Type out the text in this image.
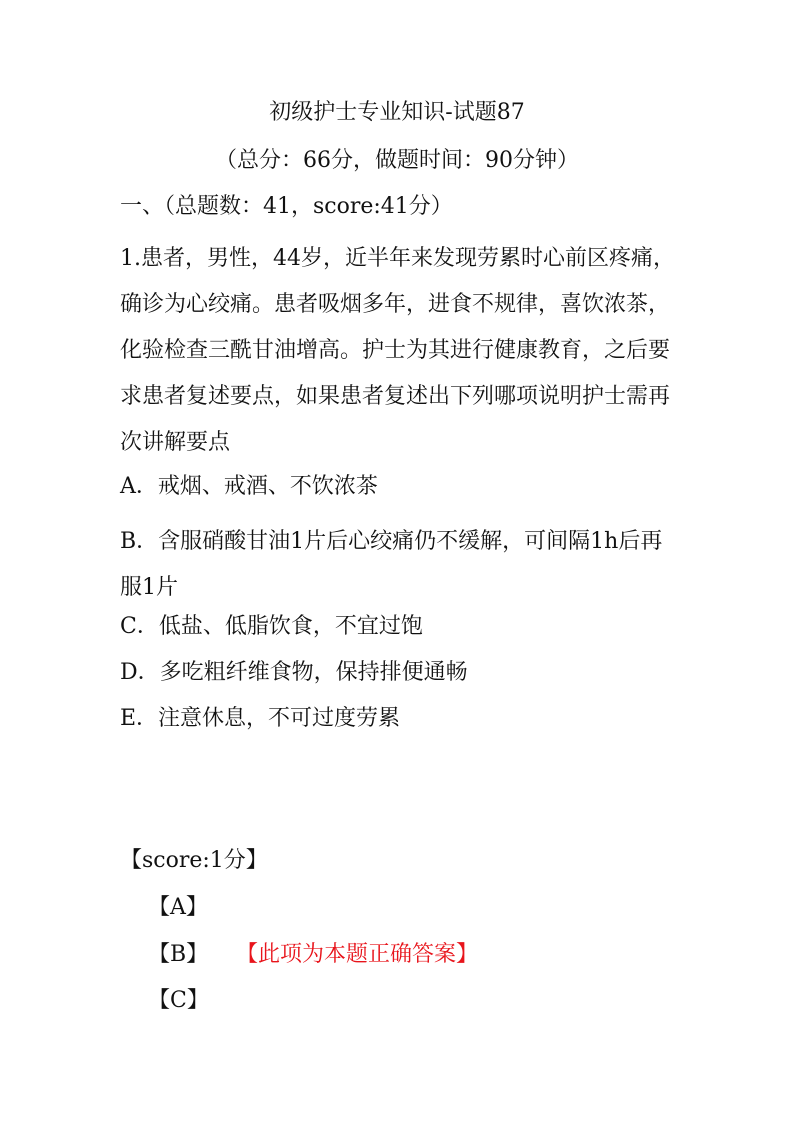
初级护士专业知识-试题87
（总分：66分，做题时间：90分钟）
一、（总题数：41，score:41分）
1.患者，男性，44岁，近半年来发现劳累时心前区疼痛，确诊为心绞痛。患者吸烟多年，进食不规律，喜饮浓茶，化验检查三酰甘油增高。护士为其进行健康教育，之后要求患者复述要点，如果患者复述出下列哪项说明护士需再次讲解要点
A．戒烟、戒酒、不饮浓茶
B．含服硝酸甘油1片后心绞痛仍不缓解，可间隔1h后再服1片
C．低盐、低脂饮食，不宜过饱
D．多吃粗纤维食物，保持排便通畅
E．注意休息，不可过度劳累
【score:1分】
【A】
【B】 【此项为本题正确答案】
【C】
